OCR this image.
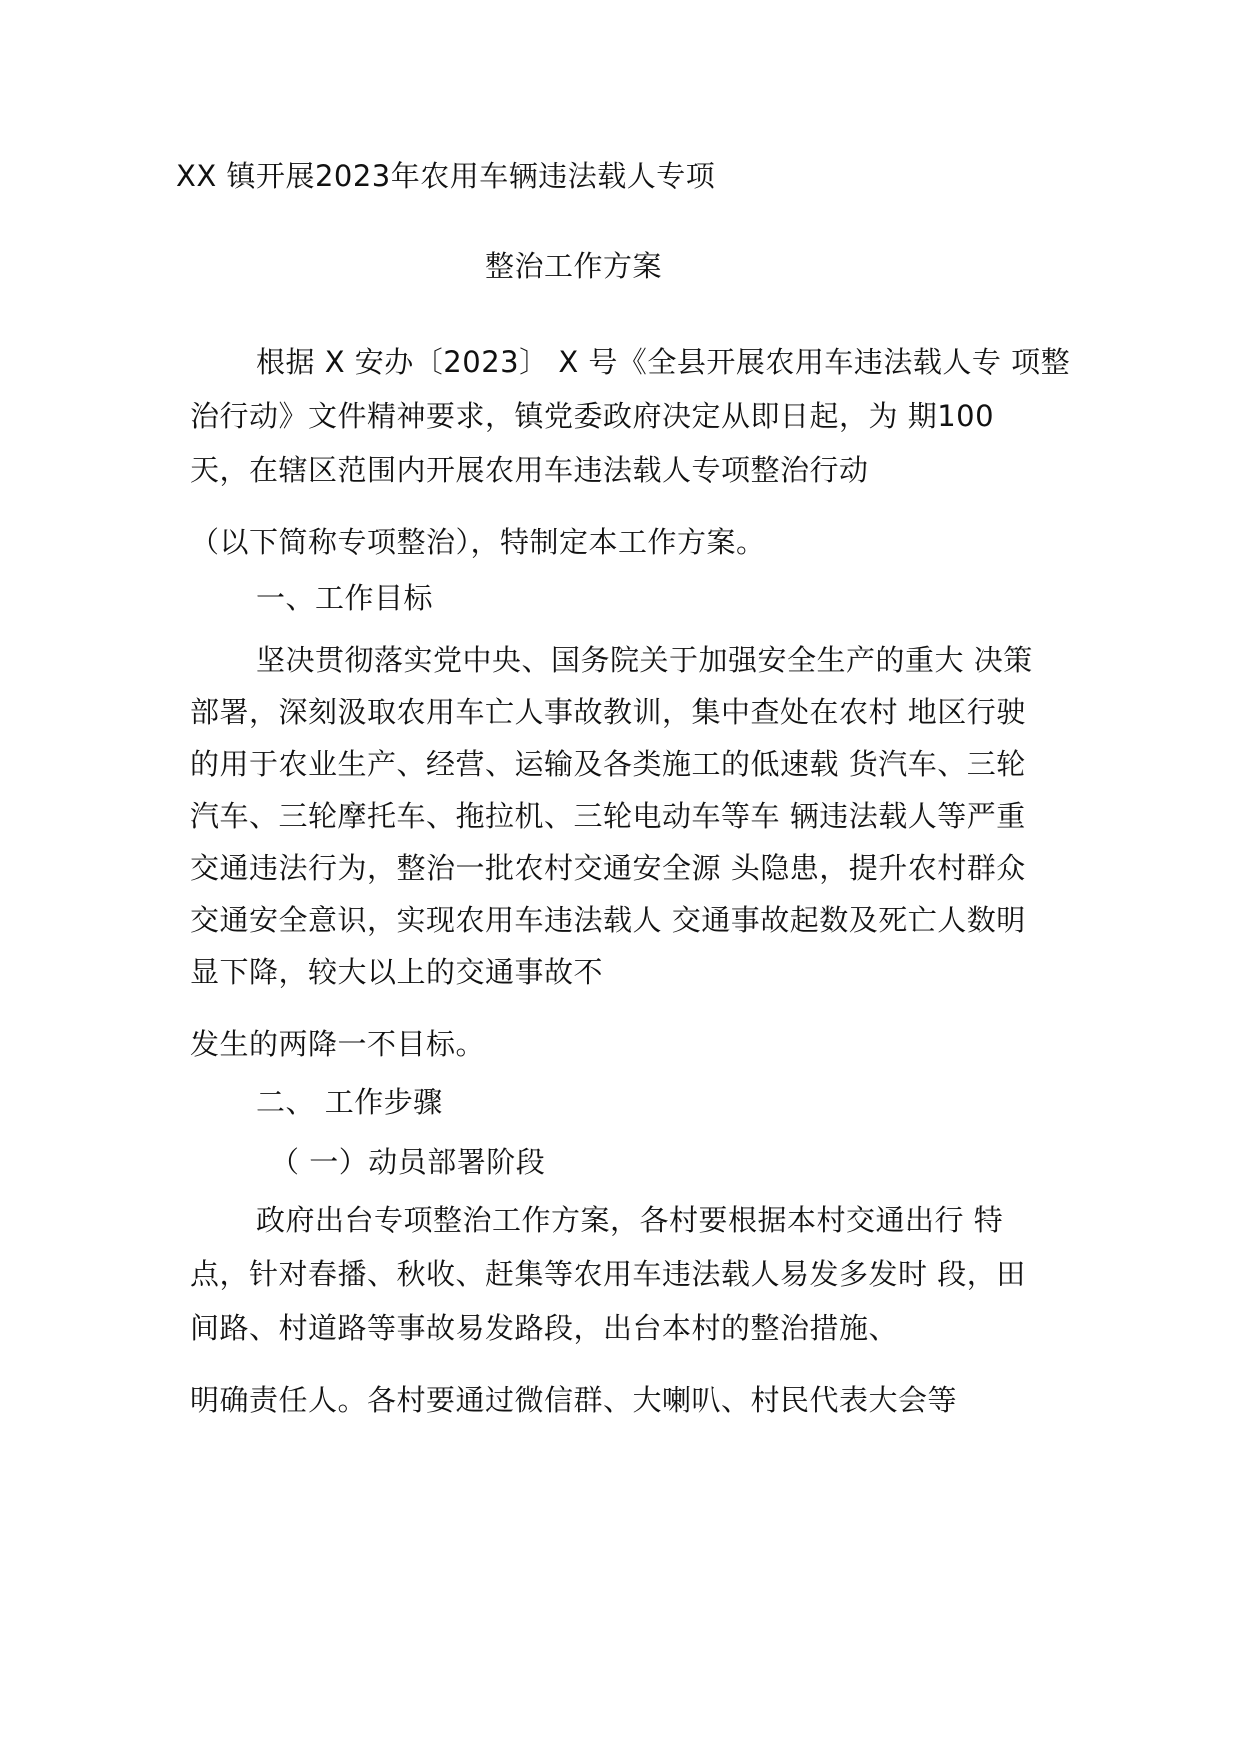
XX 镇开展2023年农用车辆违法载人专项
整治工作方案
根据 X 安办〔2023〕 X 号《全县开展农用车违法载人专 项整
治行动》文件精神要求，镇党委政府决定从即日起，为 期100
天，在辖区范围内开展农用车违法载人专项整治行动
（以下简称专项整治），特制定本工作方案。
一、工作目标
坚决贯彻落实党中央、国务院关于加强安全生产的重大 决策
部署，深刻汲取农用车亡人事故教训，集中查处在农村 地区行驶
的用于农业生产、经营、运输及各类施工的低速载 货汽车、三轮
汽车、三轮摩托车、拖拉机、三轮电动车等车 辆违法载人等严重
交通违法行为，整治一批农村交通安全源 头隐患，提升农村群众
交通安全意识，实现农用车违法载人 交通事故起数及死亡人数明
显下降，较大以上的交通事故不
发生的两降一不目标。
二、 工作步骤
（ 一）动员部署阶段
政府出台专项整治工作方案，各村要根据本村交通出行 特
点，针对春播、秋收、赶集等农用车违法载人易发多发时 段，田
间路、村道路等事故易发路段，出台本村的整治措施、
明确责任人。各村要通过微信群、大喇叭、村民代表大会等
